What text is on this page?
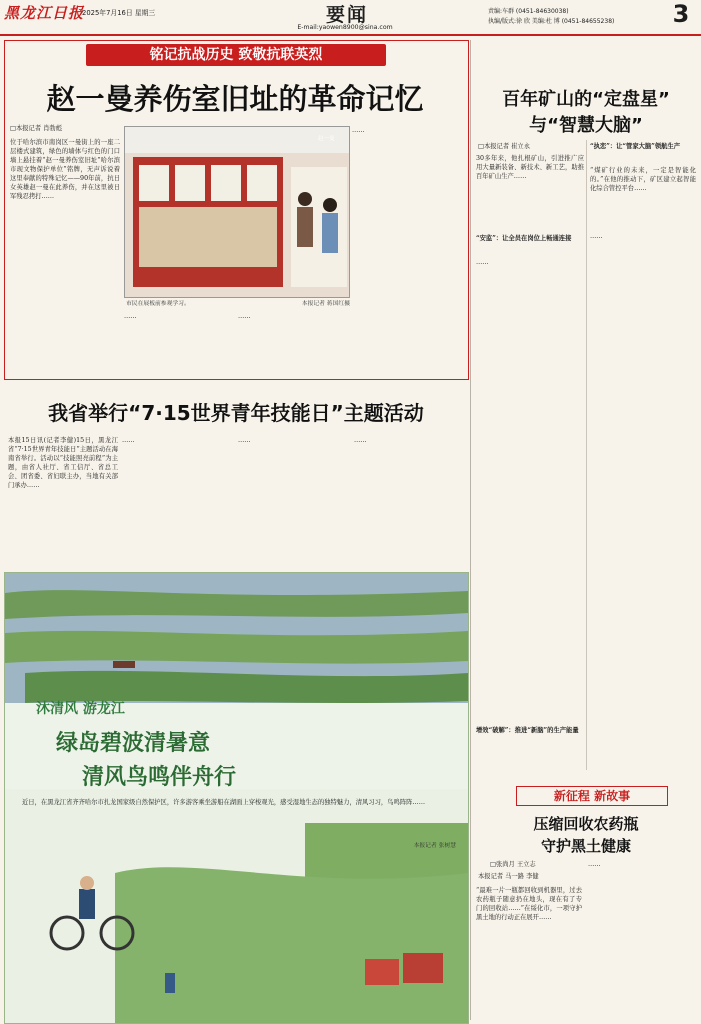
黑龙江日报
2025年7月16日 星期三	要闻
E-mail:yaowen8900@sina.com
责编:车群 (0451-84630038)
执编/版式:徐 欣 美编:杜 博 (0451-84655238)	3
铭记抗战历史 致敬抗联英烈
赵一曼养伤室旧址的革命记忆
□本报记者 肖勃彪
位于哈尔滨市南岗区一曼街上的一座二层楼式建筑，绿色的墙体与红色的门口墙上悬挂着“赵一曼养伤室旧址”哈尔滨市现文物保护单位”铭牌，无声诉说着这里奉献的特殊记忆——90年前，抗日女英雄赵一曼在此养伤，并在这里被日军残忍拷打……
赵一曼
市民在展板前参观学习。	本报记者 蒋国红摄
……	……
……
我省举行“7·15世界青年技能日”主题活动
本报15日讯(记者李健)15日，黑龙江省“7·15世界青年技能日”主题活动在海南省举行。活动以“技能照亮前程”为主题，由省人社厅、省工信厅、省总工会、团省委、省妇联主办，当地有关部门承办……
……	……	……
沐清风 游龙江
绿岛碧波清暑意
清风鸟鸣伴舟行
近日，在黑龙江省齐齐哈尔市扎龙国家级自然保护区，许多游客乘坐游船在湖面上穿梭观光，感受湿地生态的独特魅力，清风习习，鸟鸣阵阵……
本报记者 张树慧
百年矿山的“定盘星”
与“智慧大脑”
□本报记者 崔立永
30多年来，他扎根矿山，引进推广应用大量新装备、新技术、新工艺，助推百年矿山生产……
“安监”：让全员在岗位上畅通连接
……
“执恋”：让“管家大脑”领航生产
“煤矿行业的未来，一定是智能化的。”在他的推动下，矿区建立起智能化综合管控平台……
增效“破解”：推进“新脑”的生产能量
……
新征程 新故事
压缩回收农药瓶
守护黑土健康
□张尚月 王立志
本报记者 马一路 李健
“最难一片一瓶都回收到机器里，过去农药瓶子随意扔在地头，现在有了专门的回收站……”在绥化市，一项守护黑土地的行动正在展开……
……
